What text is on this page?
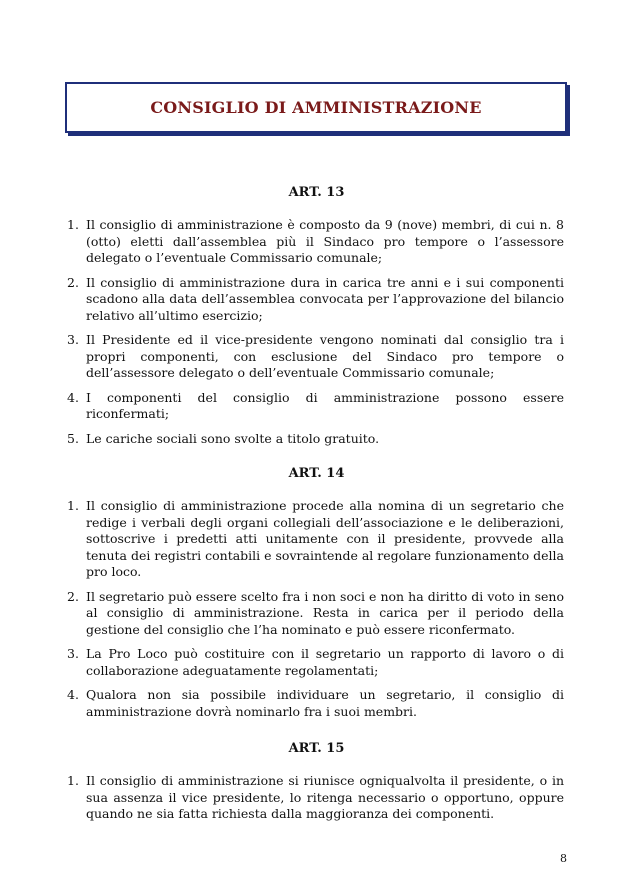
CONSIGLIO DI AMMINISTRAZIONE
ART. 13
1. Il consiglio di amministrazione è composto da 9 (nove) membri, di cui n. 8 (otto) eletti dall’assemblea più il Sindaco pro tempore o l’assessore delegato o l’eventuale Commissario comunale;
2. Il consiglio di amministrazione dura in carica tre anni e i sui componenti scadono alla data dell’assemblea convocata per l’approvazione del bilancio relativo all’ultimo esercizio;
3. Il Presidente ed il vice-presidente vengono nominati dal consiglio tra i propri componenti, con esclusione del Sindaco pro tempore o dell’assessore delegato o dell’eventuale Commissario comunale;
4. I componenti del consiglio di amministrazione possono essere riconfermati;
5. Le cariche sociali sono svolte a titolo gratuito.
ART. 14
1. Il consiglio di amministrazione procede alla nomina di un segretario che redige i verbali degli organi collegiali dell’associazione e le deliberazioni, sottoscrive i predetti atti unitamente con il presidente, provvede alla tenuta dei registri contabili e sovraintende al regolare funzionamento della pro loco.
2. Il segretario può essere scelto fra i non soci e non ha diritto di voto in seno al consiglio di amministrazione. Resta in carica per il periodo della gestione del consiglio che l’ha nominato e può essere riconfermato.
3. La Pro Loco può costituire con il segretario un rapporto di lavoro o di collaborazione adeguatamente regolamentati;
4. Qualora non sia possibile individuare un segretario, il consiglio di amministrazione dovrà nominarlo fra i suoi membri.
ART. 15
1. Il consiglio di amministrazione si riunisce ogniqualvolta il presidente, o in sua assenza il vice presidente, lo ritenga necessario o opportuno, oppure quando ne sia fatta richiesta dalla maggioranza dei componenti.
8
